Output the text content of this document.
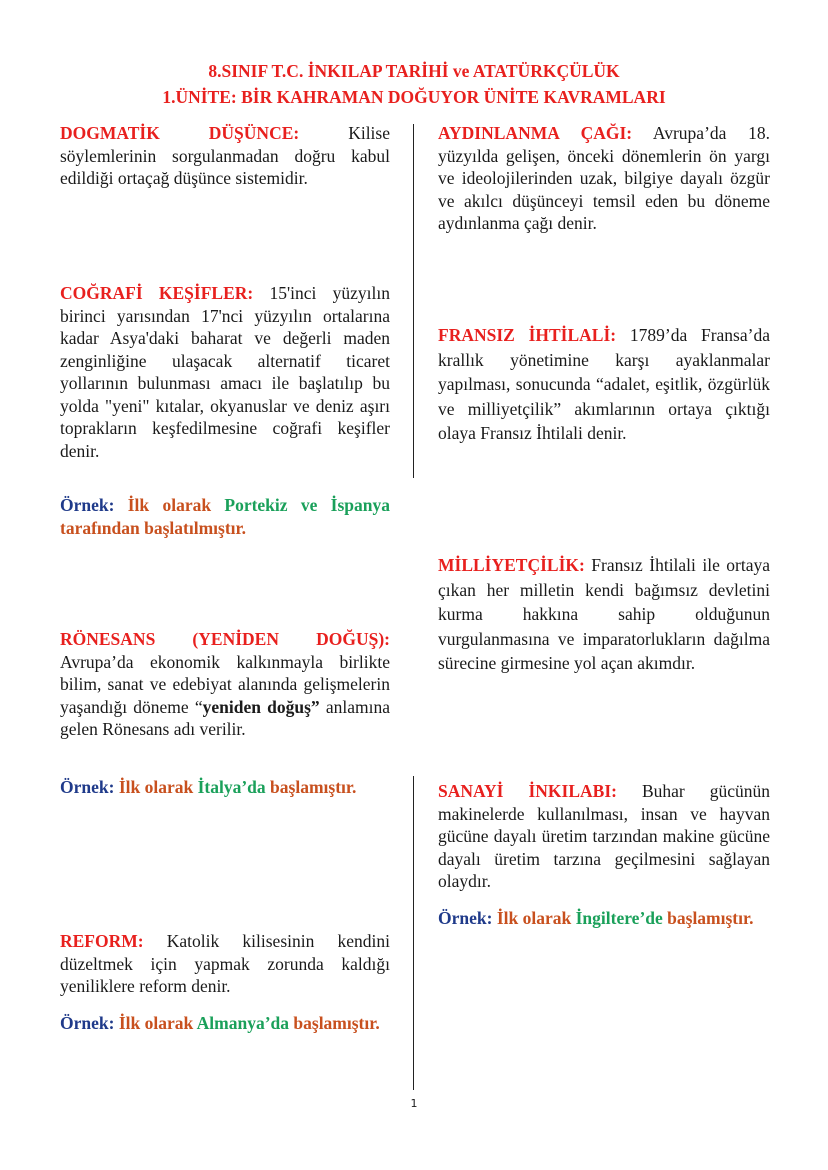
8.SINIF T.C. İNKILAP TARİHİ ve ATATÜRKÇÜLÜK
1.ÜNİTE: BİR KAHRAMAN DOĞUYOR ÜNİTE KAVRAMLARI

DOGMATİK DÜŞÜNCE:	Kilise söylemlerinin sorgulanmadan doğru kabul edildiği ortaçağ düşünce sistemidir.

COĞRAFİ KEŞİFLER: 15'inci yüzyılın birinci yarısından 17'nci yüzyılın ortalarına kadar Asya'daki baharat ve değerli maden zenginliğine ulaşacak alternatif ticaret yollarının bulunması amacı ile başlatılıp bu yolda "yeni" kıtalar, okyanuslar ve deniz aşırı toprakların keşfedilmesine coğrafi keşifler denir.

Örnek: İlk olarak Portekiz ve İspanya tarafından başlatılmıştır.

RÖNESANS (YENİDEN DOĞUŞ): Avrupa’da ekonomik kalkınmayla birlikte bilim, sanat ve edebiyat alanında gelişmelerin yaşandığı döneme “yeniden doğuş” anlamına gelen Rönesans adı verilir.

Örnek: İlk olarak İtalya’da başlamıştır.

REFORM: Katolik kilisesinin kendini düzeltmek için yapmak zorunda kaldığı yeniliklere reform denir.

Örnek: İlk olarak Almanya’da başlamıştır.

AYDINLANMA ÇAĞI: Avrupa’da 18. yüzyılda gelişen, önceki dönemlerin ön yargı ve ideolojilerinden uzak, bilgiye dayalı özgür ve akılcı düşünceyi temsil eden bu döneme aydınlanma çağı denir.

FRANSIZ İHTİLALİ: 1789’da Fransa’da krallık yönetimine karşı ayaklanmalar yapılması, sonucunda “adalet, eşitlik, özgürlük ve milliyetçilik” akımlarının ortaya çıktığı olaya Fransız İhtilali denir.

MİLLİYETÇİLİK: Fransız İhtilali ile ortaya çıkan her milletin kendi bağımsız devletini kurma hakkına sahip olduğunun vurgulanmasına ve imparatorlukların dağılma sürecine girmesine yol açan akımdır.

SANAYİ İNKILABI: Buhar gücünün makinelerde kullanılması, insan ve hayvan gücüne dayalı üretim tarzından makine gücüne dayalı üretim tarzına geçilmesini sağlayan olaydır.

Örnek: İlk olarak İngiltere’de başlamıştır.

1
